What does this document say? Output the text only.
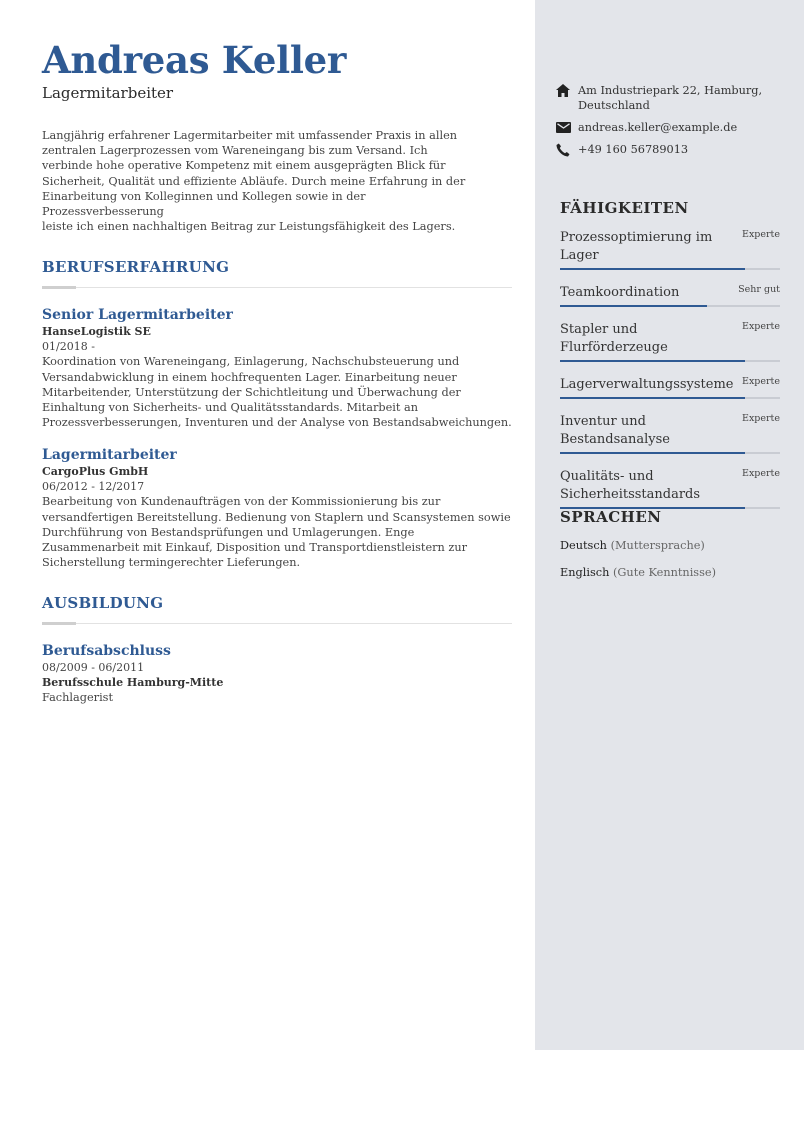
Andreas Keller
Lagermitarbeiter

Langjährig erfahrener Lagermitarbeiter mit umfassender Praxis in allen

zentralen Lagerprozessen vom Wareneingang bis zum Versand. Ich

verbinde hohe operative Kompetenz mit einem ausgeprägten Blick für

Sicherheit, Qualität und effiziente Abläufe. Durch meine Erfahrung in der

Einarbeitung von Kolleginnen und Kollegen sowie in der Prozessverbesserung

leiste ich einen nachhaltigen Beitrag zur Leistungsfähigkeit des Lagers.

BERUFSERFAHRUNG
Senior Lagermitarbeiter
HanseLogistik SE
01/2018 -
Koordination von Wareneingang, Einlagerung, Nachschubsteuerung und Versandabwicklung in einem hochfrequenten Lager. Einarbeitung neuer Mitarbeitender, Unterstützung der Schichtleitung und Überwachung der Einhaltung von Sicherheits- und Qualitätsstandards. Mitarbeit an Prozessverbesserungen, Inventuren und der Analyse von Bestandsabweichungen.
Lagermitarbeiter
CargoPlus GmbH
06/2012 - 12/2017
Bearbeitung von Kundenaufträgen von der Kommissionierung bis zur versandfertigen Bereitstellung. Bedienung von Staplern und Scansystemen sowie Durchführung von Bestandsprüfungen und Umlagerungen. Enge Zusammenarbeit mit Einkauf, Disposition und Transportdienstleistern zur Sicherstellung termingerechter Lieferungen.
AUSBILDUNG
Berufsabschluss
08/2009 - 06/2011
Berufsschule Hamburg-Mitte
Fachlagerist
Am Industriepark 22, Hamburg, Deutschland
andreas.keller@example.de
+49 160 56789013
FÄHIGKEITEN
Prozessoptimierung im Lager
Experte
Teamkoordination	Sehr gut
Stapler und Flurförderzeuge
Experte
Lagerverwaltungssysteme Experte
Inventur und Bestandsanalyse
Experte
Qualitäts- und Sicherheitsstandards
Experte
SPRACHEN
Deutsch (Muttersprache)
Englisch (Gute Kenntnisse)
